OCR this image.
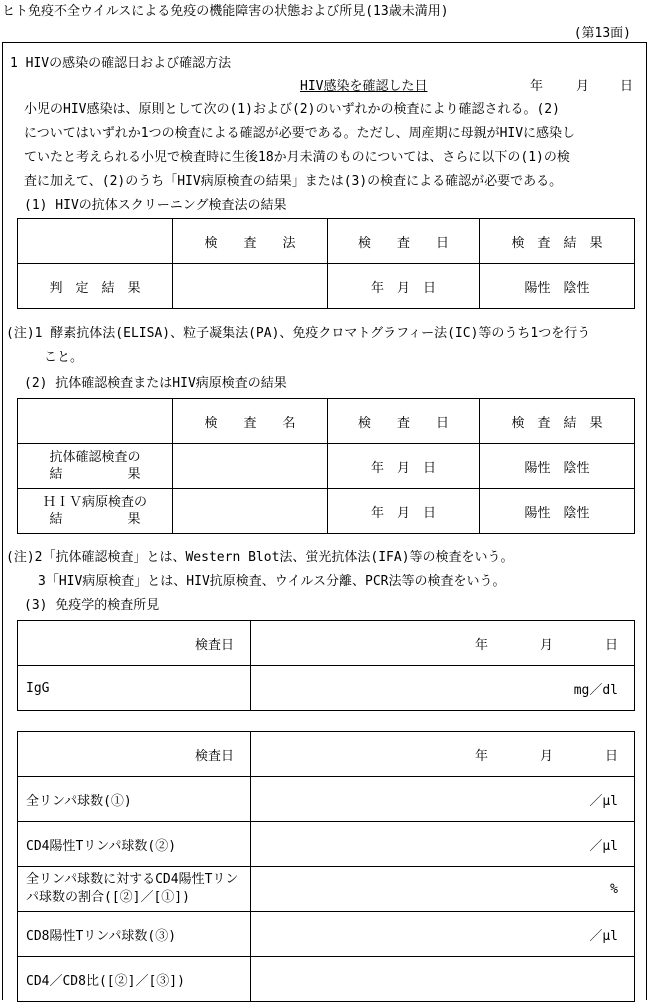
ヒト免疫不全ウイルスによる免疫の機能障害の状態および所見(13歳未満用)
(第13面)
1 HIVの感染の確認日および確認方法
HIV感染を確認した日	年	月 日
小児のHIV感染は、原則として次の(1)および(2)のいずれかの検査により確認される。(2)
についてはいずれか1つの検査による確認が必要である。ただし、周産期に母親がHIVに感染し
ていたと考えられる小児で検査時に生後18か月未満のものについては、さらに以下の(1)の検
査に加えて、(2)のうち「HIV病原検査の結果」または(3)の検査による確認が必要である。
(1) HIVの抗体スクリーニング検査法の結果
	検　　査　　法	検　　査　　日	検　査　結　果
判　定　結　果		年　月　日	陽性　陰性
(注)1 酵素抗体法(ELISA)、粒子凝集法(PA)、免疫クロマトグラフィー法(IC)等のうち1つを行う
こと。
(2) 抗体確認検査またはHIV病原検査の結果
	検　　査　　名	検　　査　　日	検　査　結　果

抗体確認検査の
結　　　　　果		年　月　日	陽性　陰性

ＨＩＶ病原検査の
結　　　　　果		年　月　日	陽性　陰性
(注)2「抗体確認検査」とは、Western Blot法、蛍光抗体法(IFA)等の検査をいう。
3「HIV病原検査」とは、HIV抗原検査、ウイルス分離、PCR法等の検査をいう。
(3) 免疫学的検査所見
検査日	年　　　　月　　　　日
IgG	mg／dl
検査日	年　　　　月　　　　日
全リンパ球数(①)	／μl
CD4陽性Tリンパ球数(②)	／μl
全リンパ球数に対するCD4陽性Tリンパ球数の割合([②]／[①])	%
CD8陽性Tリンパ球数(③)	／μl
CD4／CD8比([②]／[③])	
